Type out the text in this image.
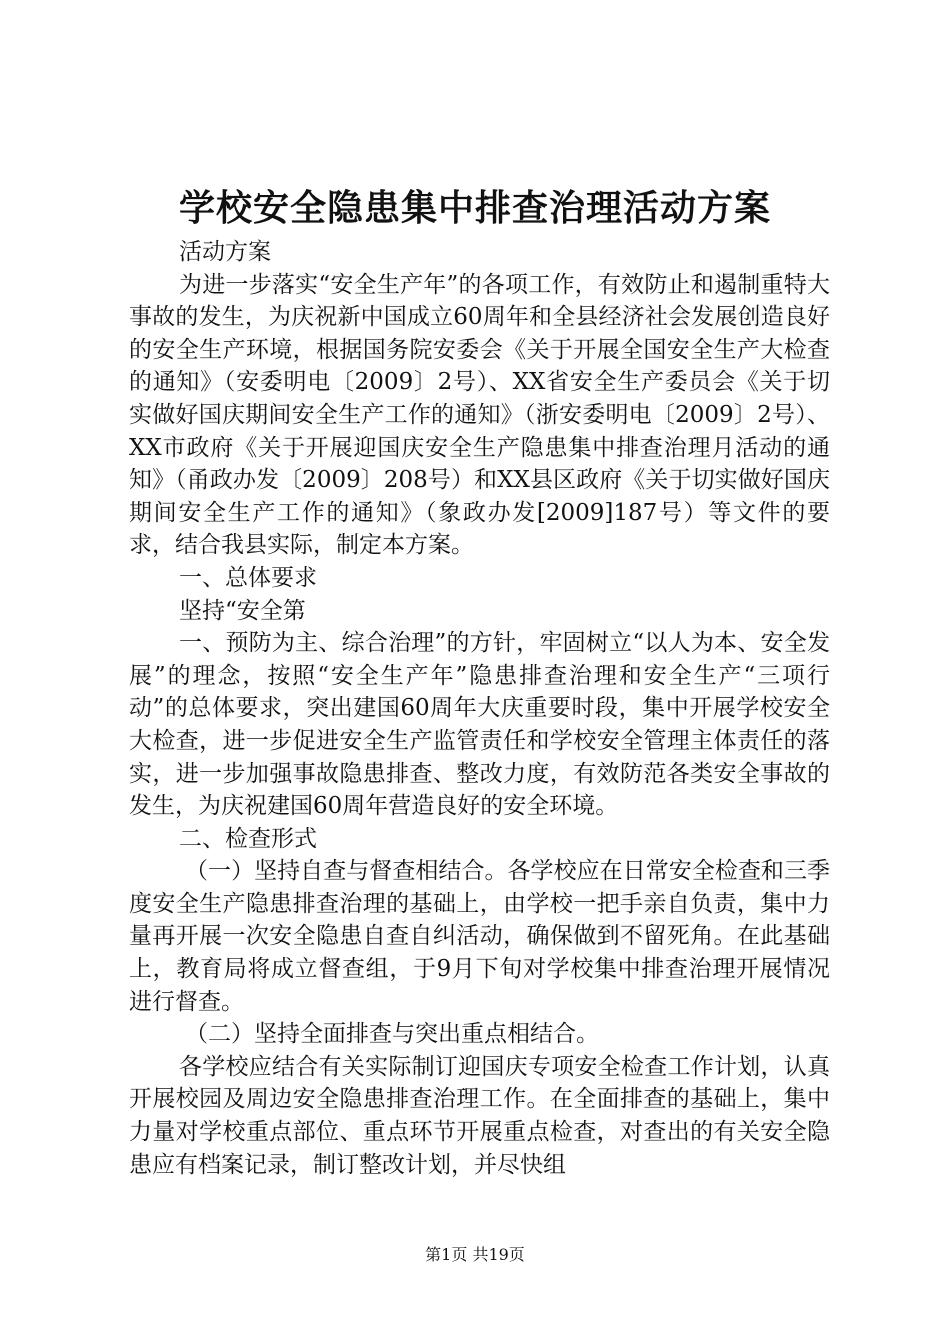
学校安全隐患集中排查治理活动方案

活动方案

为进一步落实“安全生产年”的各项工作，有效防止和遏制重特大事故的发生，为庆祝新中国成立60周年和全县经济社会发展创造良好的安全生产环境，根据国务院安委会《关于开展全国安全生产大检查的通知》（安委明电〔2009〕2号）、XX省安全生产委员会《关于切实做好国庆期间安全生产工作的通知》（浙安委明电〔2009〕2号）、XX市政府《关于开展迎国庆安全生产隐患集中排查治理月活动的通知》（甬政办发〔2009〕208号）和XX县区政府《关于切实做好国庆期间安全生产工作的通知》（象政办发[2009]187号）等文件的要求，结合我县实际，制定本方案。

一、总体要求

坚持“安全第

一、预防为主、综合治理”的方针，牢固树立“以人为本、安全发展”的理念，按照“安全生产年”隐患排查治理和安全生产“三项行动”的总体要求，突出建国60周年大庆重要时段，集中开展学校安全大检查，进一步促进安全生产监管责任和学校安全管理主体责任的落实，进一步加强事故隐患排查、整改力度，有效防范各类安全事故的发生，为庆祝建国60周年营造良好的安全环境。

二、检查形式

（一）坚持自查与督查相结合。各学校应在日常安全检查和三季度安全生产隐患排查治理的基础上，由学校一把手亲自负责，集中力量再开展一次安全隐患自查自纠活动，确保做到不留死角。在此基础上，教育局将成立督查组，于9月下旬对学校集中排查治理开展情况进行督查。

（二）坚持全面排查与突出重点相结合。

各学校应结合有关实际制订迎国庆专项安全检查工作计划，认真开展校园及周边安全隐患排查治理工作。在全面排查的基础上，集中力量对学校重点部位、重点环节开展重点检查，对查出的有关安全隐患应有档案记录，制订整改计划，并尽快组

第1页 共19页
